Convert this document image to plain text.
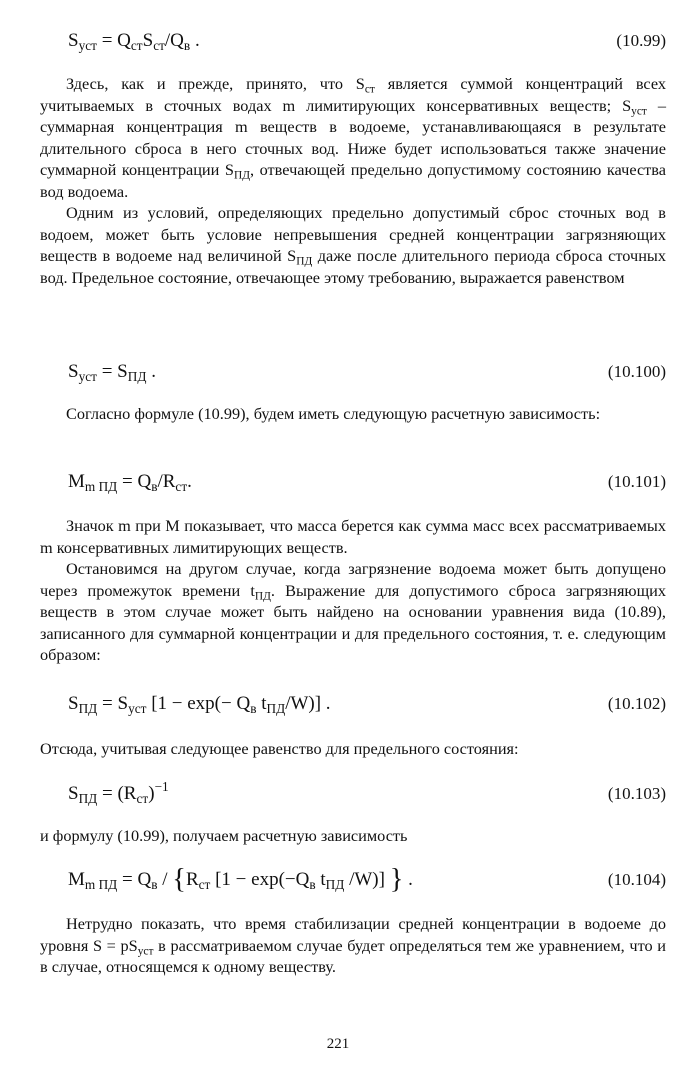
$S_{уст} = Q_{ст}S_{ст}/Q_в$ .	(10.99)

Здесь, как и прежде, принято, что $S_{ст}$ является суммой концентраций всех учитываемых в сточных водах m лимитирующих консервативных веществ; $S_{уст}$ – суммарная концентрация m веществ в водоеме, устанавливающаяся в результате длительного сброса в него сточных вод. Ниже будет использоваться также значение суммарной концентрации $S_{ПД}$, отвечающей предельно допустимому состоянию качества вод водоема.

Одним из условий, определяющих предельно допустимый сброс сточных вод в водоем, может быть условие непревышения средней концентрации загрязняющих веществ в водоеме над величиной $S_{ПД}$ даже после длительного периода сброса сточных вод. Предельное состояние, отвечающее этому требованию, выражается равенством

$S_{уст} = S_{ПД}$ .	(10.100)

Согласно формуле (10.99), будем иметь следующую расчетную зависимость:

$M_{m ПД} = Q_в/R_{ст}$.	(10.101)

Значок m при M показывает, что масса берется как сумма масс всех рассматриваемых m консервативных лимитирующих веществ.

Остановимся на другом случае, когда загрязнение водоема может быть допущено через промежуток времени $t_{ПД}$. Выражение для допустимого сброса загрязняющих веществ в этом случае может быть найдено на основании уравнения вида (10.89), записанного для суммарной концентрации и для предельного состояния, т. е. следующим образом:

$S_{ПД} = S_{уст}$ [$1 - \exp(- Q_в$ $t_{ПД}/W$)] .	(10.102)

Отсюда, учитывая следующее равенство для предельного состояния:

$S_{ПД} = (R_{ст})^{-1}$	(10.103)

и формулу (10.99), получаем расчетную зависимость

$M_{m ПД} = Q_в / \{R_{ст}$ [$1 - \exp(-Q_в$ $t_{ПД}$ /W)] } .	(10.104)

Нетрудно показать, что время стабилизации средней концентрации в водоеме до уровня $S = pS_{уст}$ в рассматриваемом случае будет определяться тем же уравнением, что и в случае, относящемся к одному веществу.

221
